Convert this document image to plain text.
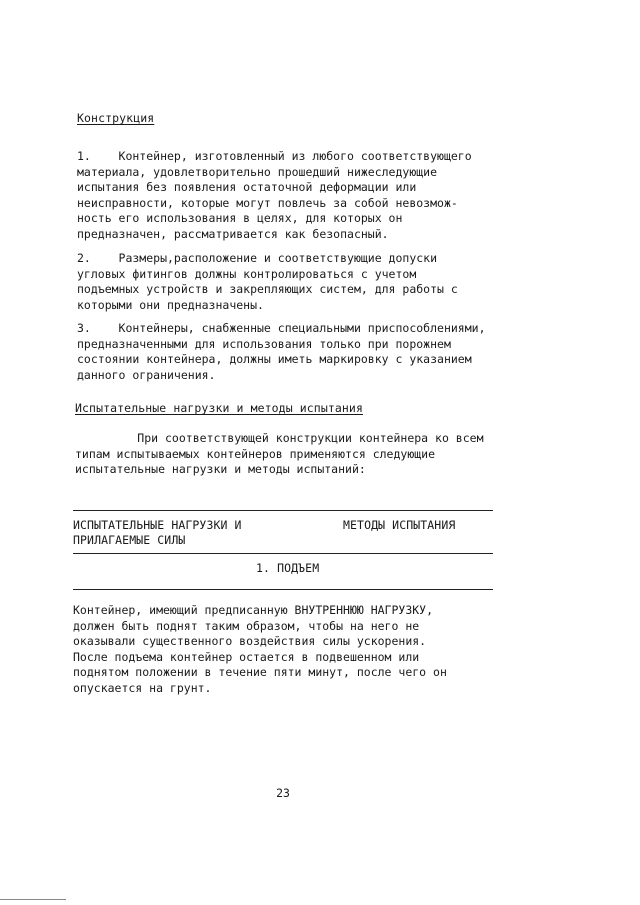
Конструкция
1.    Контейнер, изготовленный из любого соответствующего
материала, удовлетворительно прошедший нижеследующие
испытания без появления остаточной деформации или
неисправности, которые могут повлечь за собой невозмож-
ность его использования в целях, для которых он
предназначен, рассматривается как безопасный.
2.    Размеры,расположение и соответствующие допуски
угловых фитингов должны контролироваться с учетом
подъемных устройств и закрепляющих систем, для работы с
которыми они предназначены.
3.    Контейнеры, снабженные специальными приспособлениями,
предназначенными для использования только при порожнем
состоянии контейнера, должны иметь маркировку с указанием
данного ограничения.
Испытательные нагрузки и методы испытания
При соответствующей конструкции контейнера ко всем
типам испытываемых контейнеров применяются следующие
испытательные нагрузки и методы испытаний:
ИСПЫТАТЕЛЬНЫЕ НАГРУЗКИ И
ПРИЛАГАЕМЫЕ СИЛЫ
МЕТОДЫ ИСПЫТАНИЯ
1. ПОДЪЕМ
Контейнер, имеющий предписанную ВНУТРЕННЮЮ НАГРУЗКУ,
должен быть поднят таким образом, чтобы на него не
оказывали существенного воздействия силы ускорения.
После подъема контейнер остается в подвешенном или
поднятом положении в течение пяти минут, после чего он
опускается на грунт.
23
